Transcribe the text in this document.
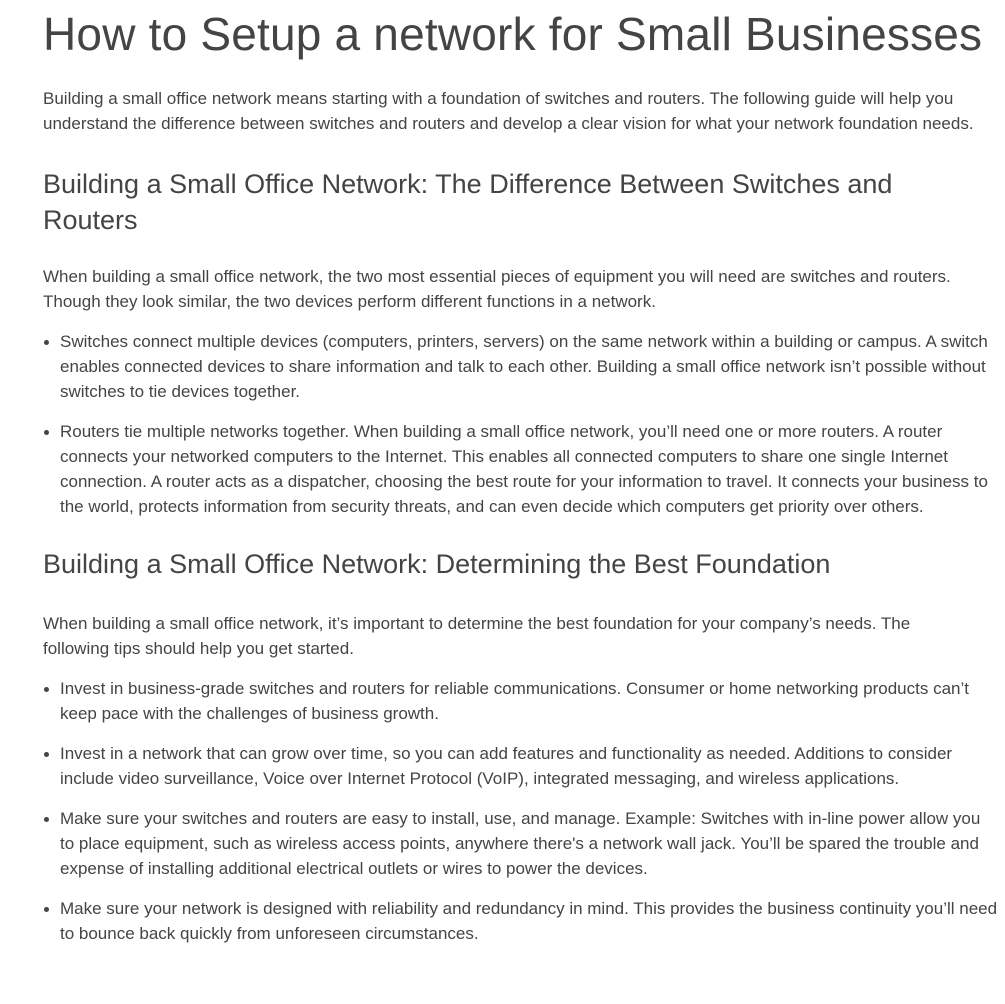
How to Setup a network for Small Businesses

Building a small office network means starting with a foundation of switches and routers. The following guide will help you understand the difference between switches and routers and develop a clear vision for what your network foundation needs.

Building a Small Office Network: The Difference Between Switches and Routers

When building a small office network, the two most essential pieces of equipment you will need are switches and routers. Though they look similar, the two devices perform different functions in a network.

Switches connect multiple devices (computers, printers, servers) on the same network within a building or campus. A switch enables connected devices to share information and talk to each other. Building a small office network isn’t possible without switches to tie devices together.
Routers tie multiple networks together. When building a small office network, you’ll need one or more routers. A router connects your networked computers to the Internet. This enables all connected computers to share one single Internet connection. A router acts as a dispatcher, choosing the best route for your information to travel. It connects your business to the world, protects information from security threats, and can even decide which computers get priority over others.
Building a Small Office Network: Determining the Best Foundation

When building a small office network, it’s important to determine the best foundation for your company’s needs. The following tips should help you get started.

Invest in business-grade switches and routers for reliable communications. Consumer or home networking products can’t keep pace with the challenges of business growth.
Invest in a network that can grow over time, so you can add features and functionality as needed. Additions to consider include video surveillance, Voice over Internet Protocol (VoIP), integrated messaging, and wireless applications.
Make sure your switches and routers are easy to install, use, and manage. Example: Switches with in-line power allow you to place equipment, such as wireless access points, anywhere there's a network wall jack. You’ll be spared the trouble and expense of installing additional electrical outlets or wires to power the devices.
Make sure your network is designed with reliability and redundancy in mind. This provides the business continuity you’ll need to bounce back quickly from unforeseen circumstances.
